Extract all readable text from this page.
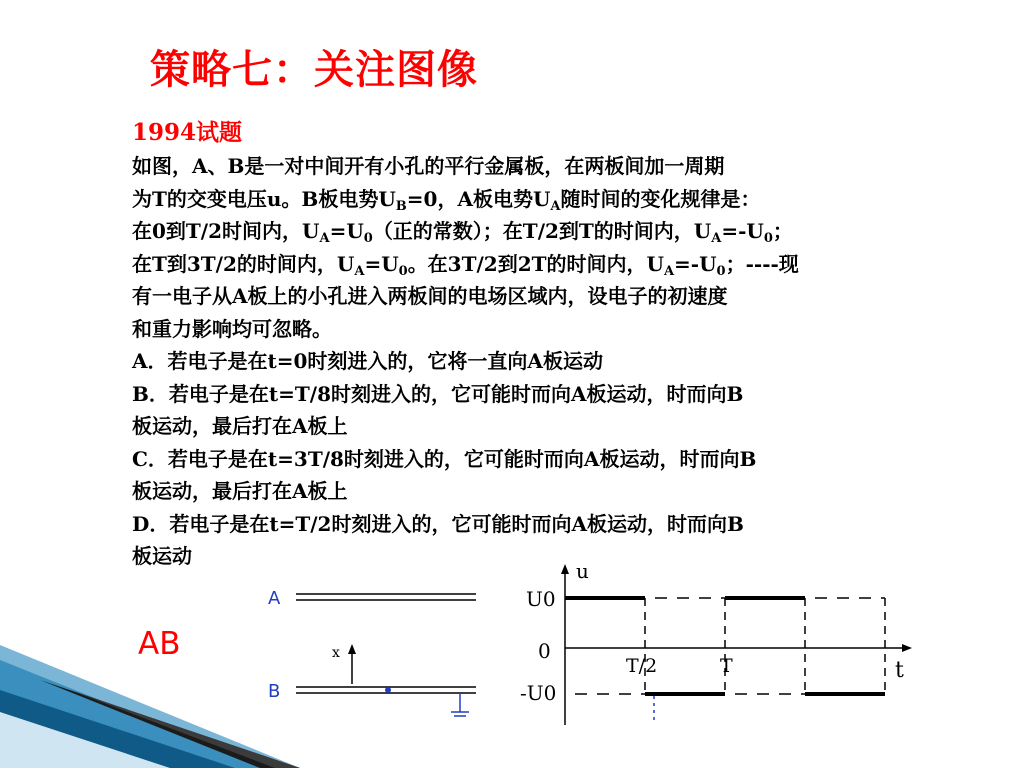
策略七：关注图像
1994试题
如图，A、B是一对中间开有小孔的平行金属板，在两板间加一周期
为T的交变电压u。B板电势$U_B=0$，A板电势$U_A$随时间的变化规律是：
在0到T/2时间内，$U_A=U_0$（正的常数）；在T/2到T的时间内，$U_A=-U_0$；
在T到3T/2的时间内，$U_A=U_0$。在3T/2到2T的时间内，$U_A=-U_0$；----现
有一电子从A板上的小孔进入两板间的电场区域内，设电子的初速度
和重力影响均可忽略。
A．若电子是在t=0时刻进入的，它将一直向A板运动
B．若电子是在t=T/8时刻进入的，它可能时而向A板运动，时而向B
板运动，最后打在A板上
C．若电子是在t=3T/8时刻进入的，它可能时而向A板运动，时而向B
板运动，最后打在A板上
D．若电子是在t=T/2时刻进入的，它可能时而向A板运动，时而向B
板运动
AB
A
B
x
u
t
U0
0
-U0
T/2	T
